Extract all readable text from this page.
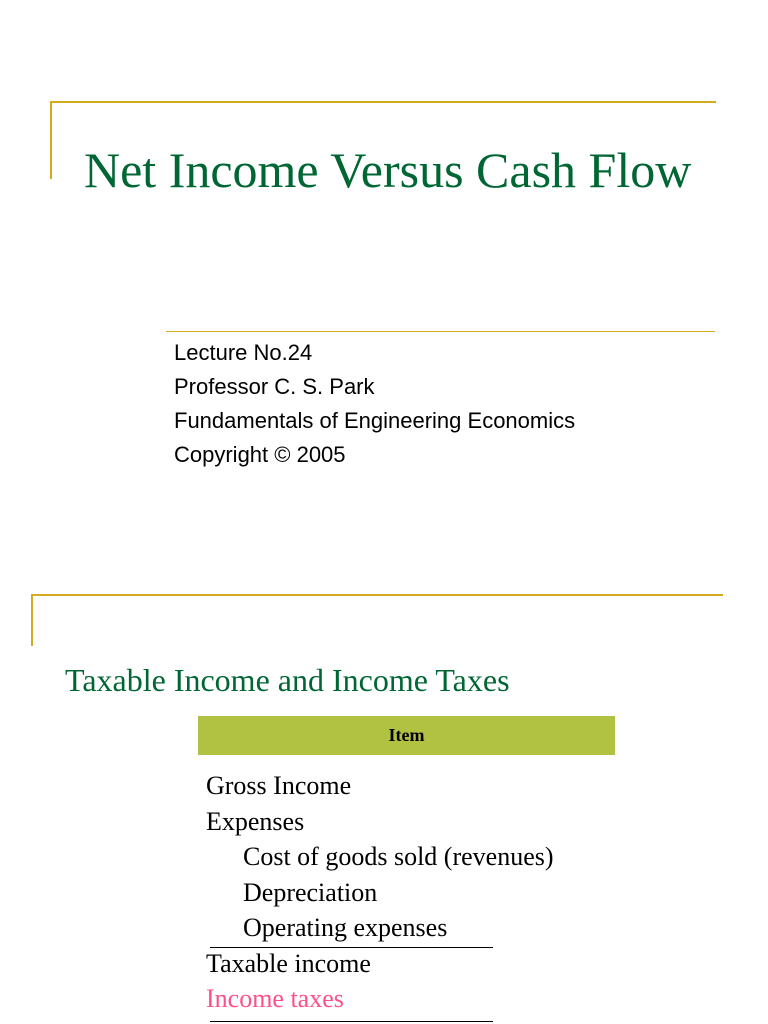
Net Income Versus Cash Flow
Lecture No.24
Professor C. S. Park
Fundamentals of Engineering Economics
Copyright © 2005
Taxable Income and Income Taxes
Item
Gross Income
Expenses
Cost of goods sold (revenues)
Depreciation
Operating expenses
Taxable income
Income taxes
